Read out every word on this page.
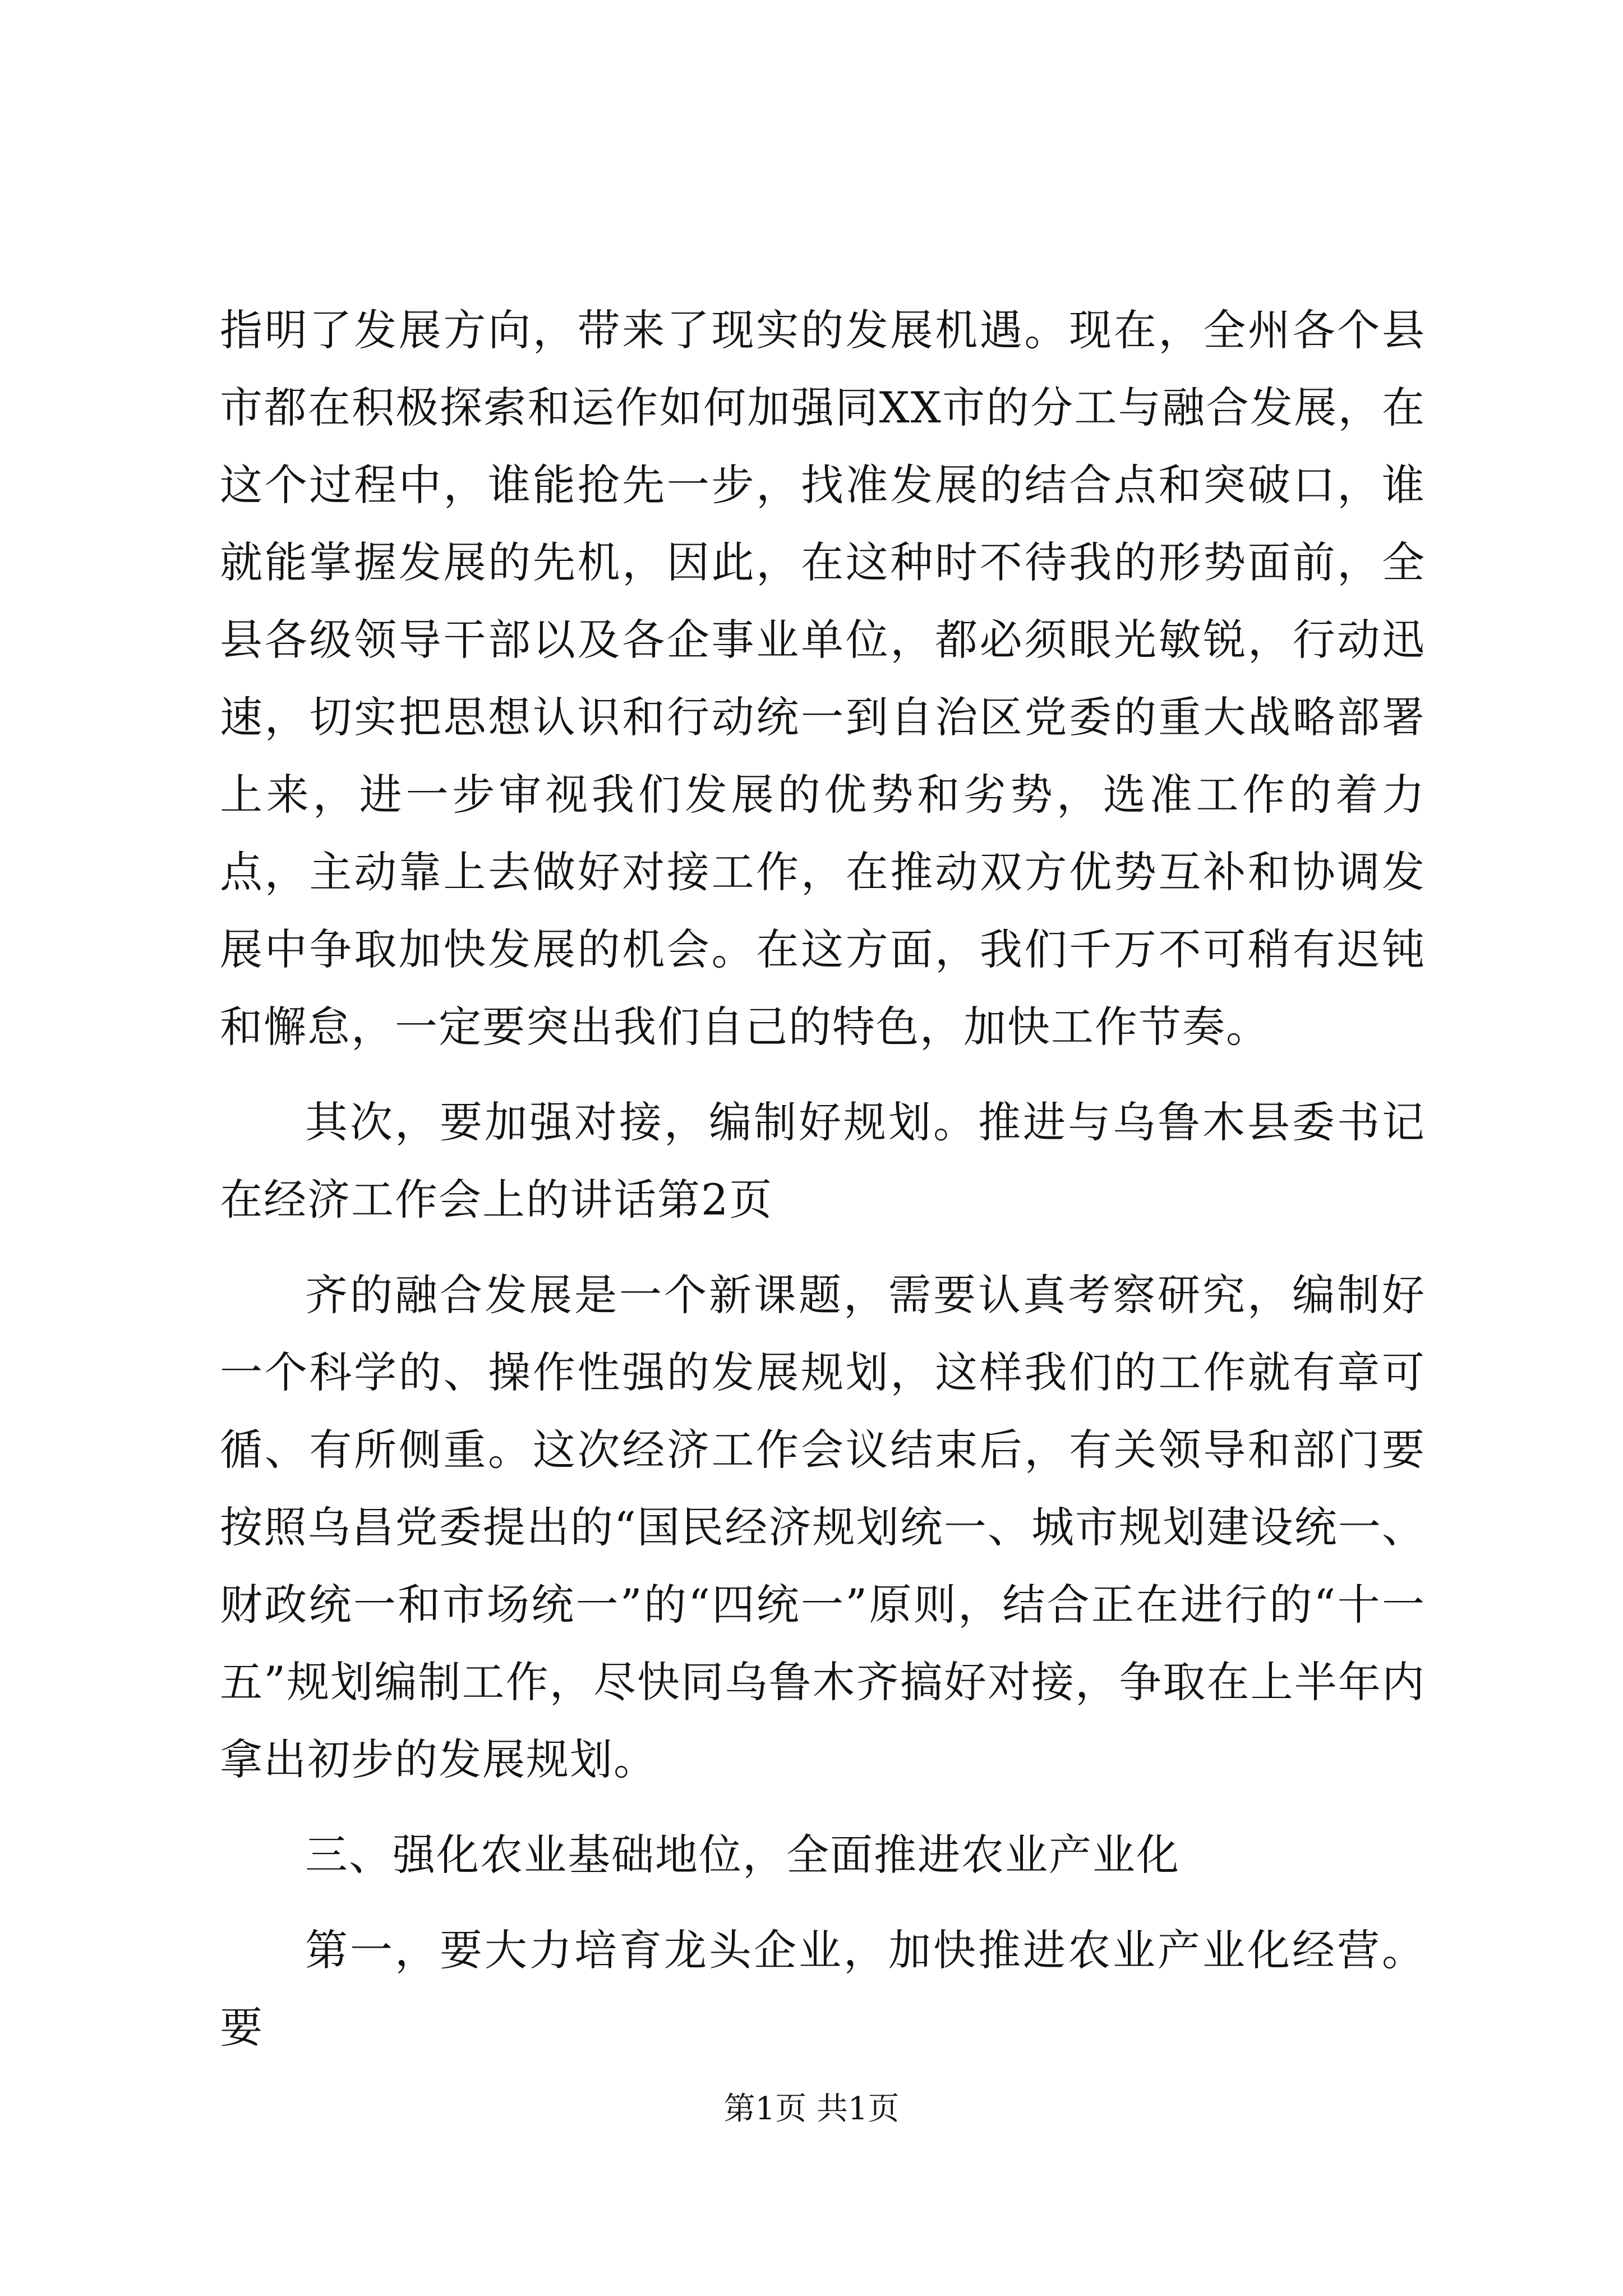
指明了发展方向，带来了现实的发展机遇。现在，全州各个县市都在积极探索和运作如何加强同XX市的分工与融合发展，在这个过程中，谁能抢先一步，找准发展的结合点和突破口，谁就能掌握发展的先机，因此，在这种时不待我的形势面前，全县各级领导干部以及各企事业单位，都必须眼光敏锐，行动迅速，切实把思想认识和行动统一到自治区党委的重大战略部署上来，进一步审视我们发展的优势和劣势，选准工作的着力点，主动靠上去做好对接工作，在推动双方优势互补和协调发展中争取加快发展的机会。在这方面，我们千万不可稍有迟钝和懈怠，一定要突出我们自己的特色，加快工作节奏。

其次，要加强对接，编制好规划。推进与乌鲁木县委书记在经济工作会上的讲话第2页

齐的融合发展是一个新课题，需要认真考察研究，编制好一个科学的、操作性强的发展规划，这样我们的工作就有章可循、有所侧重。这次经济工作会议结束后，有关领导和部门要按照乌昌党委提出的“国民经济规划统一、城市规划建设统一、财政统一和市场统一”的“四统一”原则，结合正在进行的“十一五”规划编制工作，尽快同乌鲁木齐搞好对接，争取在上半年内拿出初步的发展规划。

三、强化农业基础地位，全面推进农业产业化

第一，要大力培育龙头企业，加快推进农业产业化经营。要

第1页 共1页
